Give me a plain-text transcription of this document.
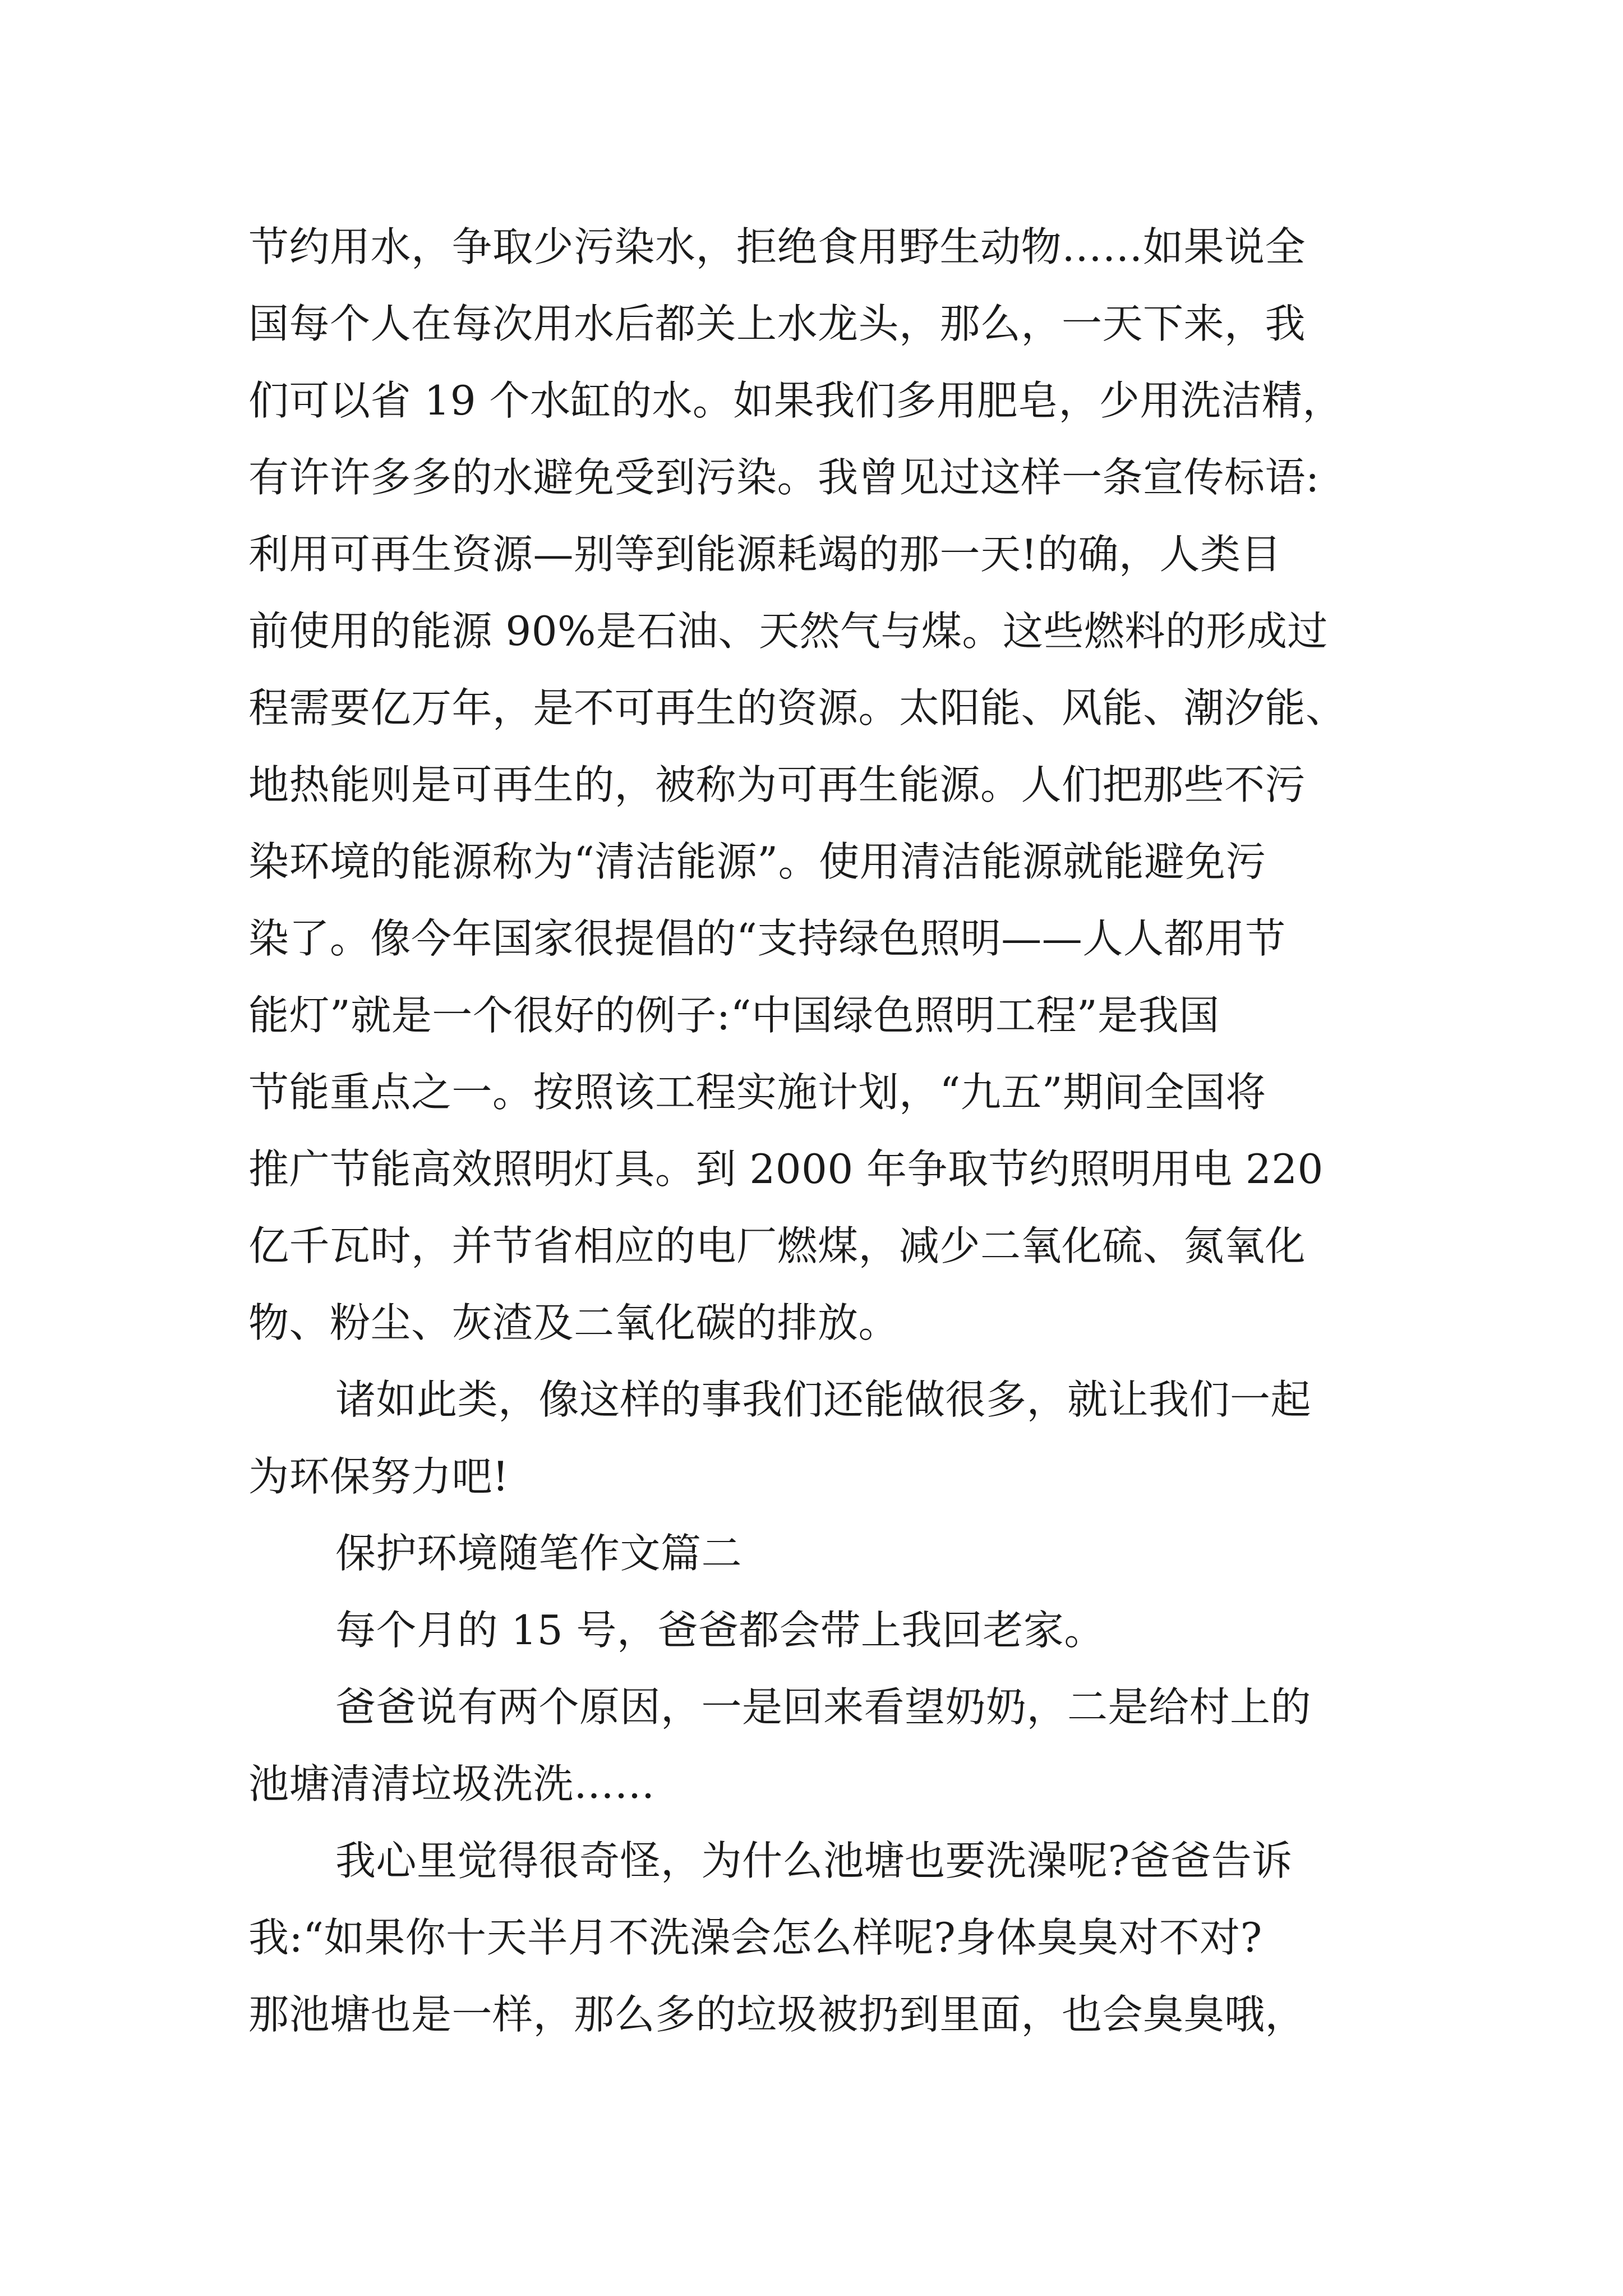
节约用水，争取少污染水，拒绝食用野生动物……如果说全
国每个人在每次用水后都关上水龙头，那么，一天下来，我
们可以省 19 个水缸的水。如果我们多用肥皂，少用洗洁精，
有许许多多的水避免受到污染。我曾见过这样一条宣传标语:
利用可再生资源—别等到能源耗竭的那一天!的确，人类目
前使用的能源 90%是石油、天然气与煤。这些燃料的形成过
程需要亿万年，是不可再生的资源。太阳能、风能、潮汐能、
地热能则是可再生的，被称为可再生能源。人们把那些不污
染环境的能源称为“清洁能源”。使用清洁能源就能避免污
染了。像今年国家很提倡的“支持绿色照明——人人都用节
能灯”就是一个很好的例子:“中国绿色照明工程”是我国
节能重点之一。按照该工程实施计划，“九五”期间全国将
推广节能高效照明灯具。到 2000 年争取节约照明用电 220
亿千瓦时，并节省相应的电厂燃煤，减少二氧化硫、氮氧化
物、粉尘、灰渣及二氧化碳的排放。
诸如此类，像这样的事我们还能做很多，就让我们一起
为环保努力吧!
保护环境随笔作文篇二
每个月的 15 号，爸爸都会带上我回老家。
爸爸说有两个原因，一是回来看望奶奶，二是给村上的
池塘清清垃圾洗洗……
我心里觉得很奇怪，为什么池塘也要洗澡呢?爸爸告诉
我:“如果你十天半月不洗澡会怎么样呢?身体臭臭对不对?
那池塘也是一样，那么多的垃圾被扔到里面，也会臭臭哦，
